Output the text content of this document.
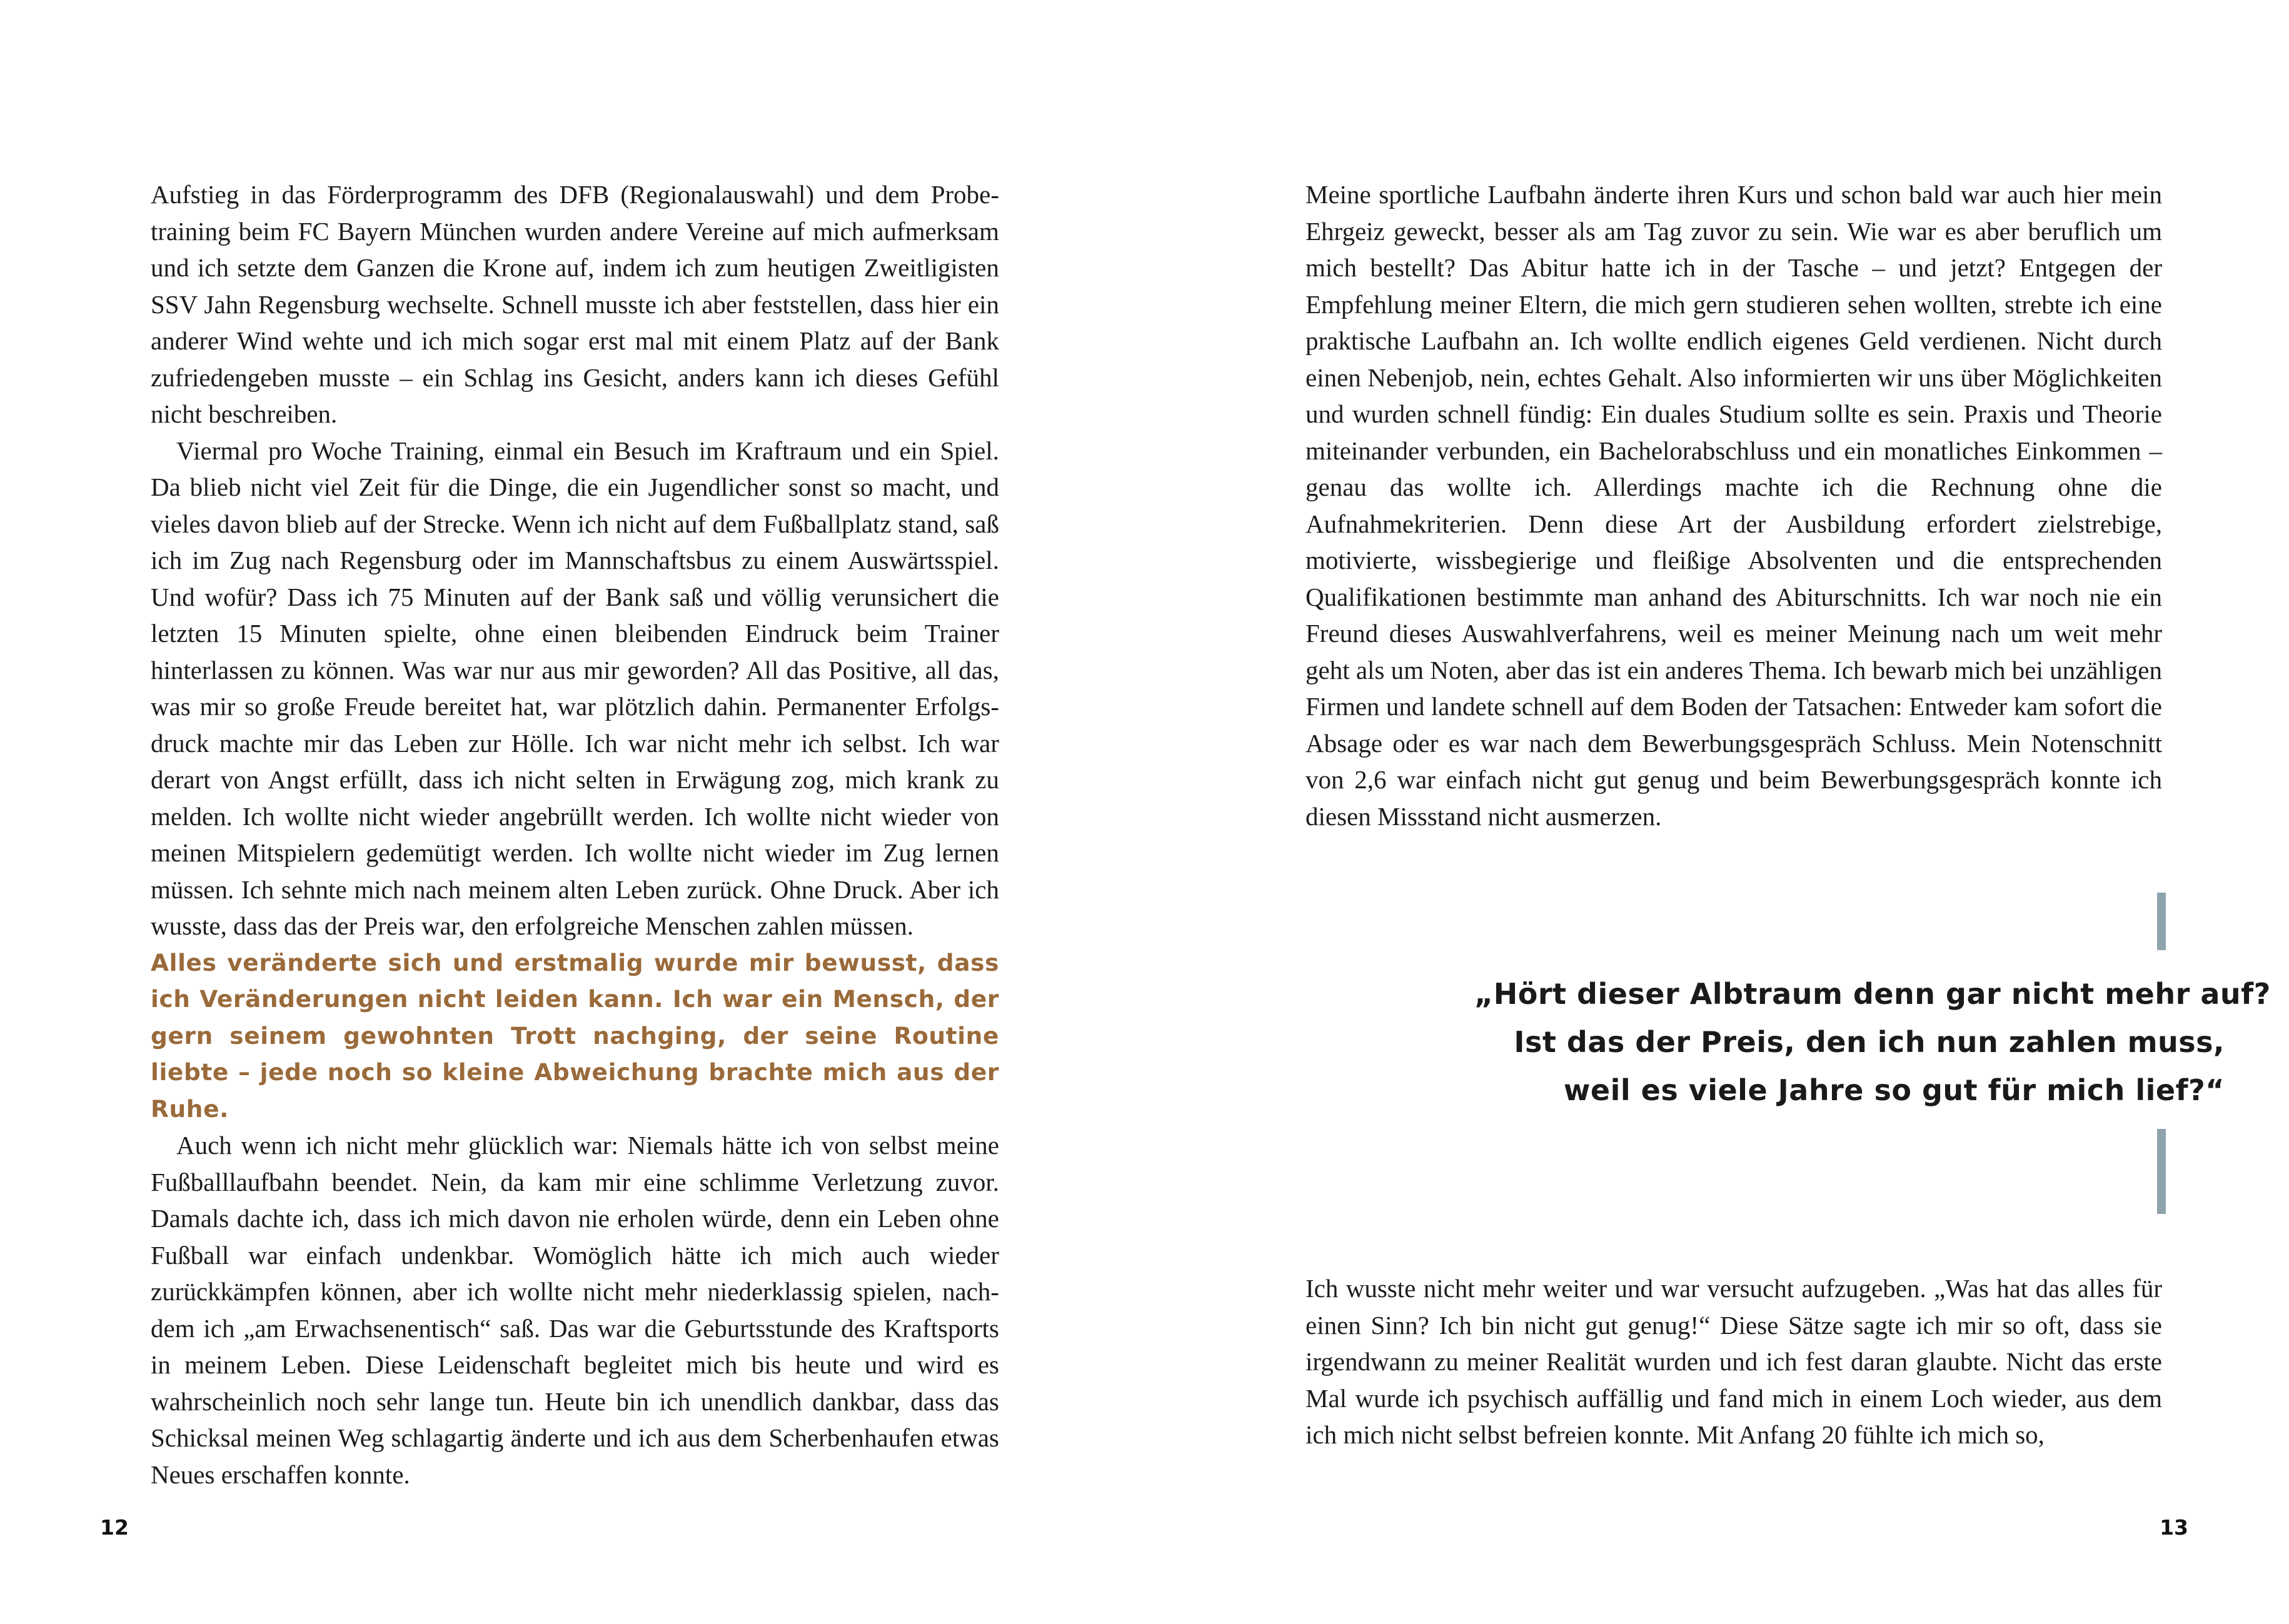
Aufstieg in das Förderprogramm des DFB (Regionalauswahl) und dem Probetraining beim FC Bayern München wurden andere Vereine auf mich aufmerksam und ich setzte dem Ganzen die Krone auf, indem ich zum heutigen Zweitligisten SSV Jahn Regensburg wechselte. Schnell musste ich aber feststellen, dass hier ein anderer Wind wehte und ich mich sogar erst mal mit einem Platz auf der Bank zufriedengeben musste – ein Schlag ins Gesicht, anders kann ich dieses Gefühl nicht beschreiben.

Viermal pro Woche Training, einmal ein Besuch im Kraftraum und ein Spiel. Da blieb nicht viel Zeit für die Dinge, die ein Jugendlicher sonst so macht, und vieles davon blieb auf der Strecke. Wenn ich nicht auf dem Fußballplatz stand, saß ich im Zug nach Regensburg oder im Mannschaftsbus zu einem Auswärtsspiel. Und wofür? Dass ich 75 Minuten auf der Bank saß und völlig verunsichert die letzten 15 Minuten spielte, ohne einen bleibenden Eindruck beim Trainer hinterlassen zu können. Was war nur aus mir geworden? All das Positive, all das, was mir so große Freude bereitet hat, war plötzlich dahin. Permanenter Erfolgsdruck machte mir das Leben zur Hölle. Ich war nicht mehr ich selbst. Ich war derart von Angst erfüllt, dass ich nicht selten in Erwägung zog, mich krank zu melden. Ich wollte nicht wieder angebrüllt werden. Ich wollte nicht wieder von meinen Mitspielern gedemütigt werden. Ich wollte nicht wieder im Zug lernen müssen. Ich sehnte mich nach meinem alten Leben zurück. Ohne Druck. Aber ich wusste, dass das der Preis war, den erfolgreiche Menschen zahlen müssen.

Alles veränderte sich und erstmalig wurde mir bewusst, dass ich Veränderungen nicht leiden kann. Ich war ein Mensch, der gern seinem gewohnten Trott nachging, der seine Routine liebte – jede noch so kleine Abweichung brachte mich aus der Ruhe.

Auch wenn ich nicht mehr glücklich war: Niemals hätte ich von selbst meine Fußballlaufbahn beendet. Nein, da kam mir eine schlimme Verletzung zuvor. Damals dachte ich, dass ich mich davon nie erholen würde, denn ein Leben ohne Fußball war einfach undenkbar. Womöglich hätte ich mich auch wieder zurückkämpfen können, aber ich wollte nicht mehr niederklassig spielen, nachdem ich „am Erwachsenentisch“ saß. Das war die Geburtsstunde des Kraftsports in meinem Leben. Diese Leidenschaft begleitet mich bis heute und wird es wahrscheinlich noch sehr lange tun. Heute bin ich unendlich dankbar, dass das Schicksal meinen Weg schlagartig änderte und ich aus dem Scherbenhaufen etwas Neues erschaffen konnte.

12

Meine sportliche Laufbahn änderte ihren Kurs und schon bald war auch hier mein Ehrgeiz geweckt, besser als am Tag zuvor zu sein. Wie war es aber beruflich um mich bestellt? Das Abitur hatte ich in der Tasche – und jetzt? Entgegen der Empfehlung meiner Eltern, die mich gern studieren sehen wollten, strebte ich eine praktische Laufbahn an. Ich wollte endlich eigenes Geld verdienen. Nicht durch einen Nebenjob, nein, echtes Gehalt. Also informierten wir uns über Möglichkeiten und wurden schnell fündig: Ein duales Studium sollte es sein. Praxis und Theorie miteinander verbunden, ein Bachelorabschluss und ein monatliches Einkommen – genau das wollte ich. Allerdings machte ich die Rechnung ohne die Aufnahmekriterien. Denn diese Art der Ausbildung erfordert zielstrebige, motivierte, wissbegierige und fleißige Absolventen und die entsprechenden Qualifikationen bestimmte man anhand des Abiturschnitts. Ich war noch nie ein Freund dieses Auswahlverfahrens, weil es meiner Meinung nach um weit mehr geht als um Noten, aber das ist ein anderes Thema. Ich bewarb mich bei unzähligen Firmen und landete schnell auf dem Boden der Tatsachen: Entweder kam sofort die Absage oder es war nach dem Bewerbungsgespräch Schluss. Mein Notenschnitt von 2,6 war einfach nicht gut genug und beim Bewerbungsgespräch konnte ich diesen Missstand nicht ausmerzen.

„Hört dieser Albtraum denn gar nicht mehr auf?
Ist das der Preis, den ich nun zahlen muss,
weil es viele Jahre so gut für mich lief?“

Ich wusste nicht mehr weiter und war versucht aufzugeben. „Was hat das alles für einen Sinn? Ich bin nicht gut genug!“ Diese Sätze sagte ich mir so oft, dass sie irgendwann zu meiner Realität wurden und ich fest daran glaubte. Nicht das erste Mal wurde ich psychisch auffällig und fand mich in einem Loch wieder, aus dem ich mich nicht selbst befreien konnte. Mit Anfang 20 fühlte ich mich so,

13
